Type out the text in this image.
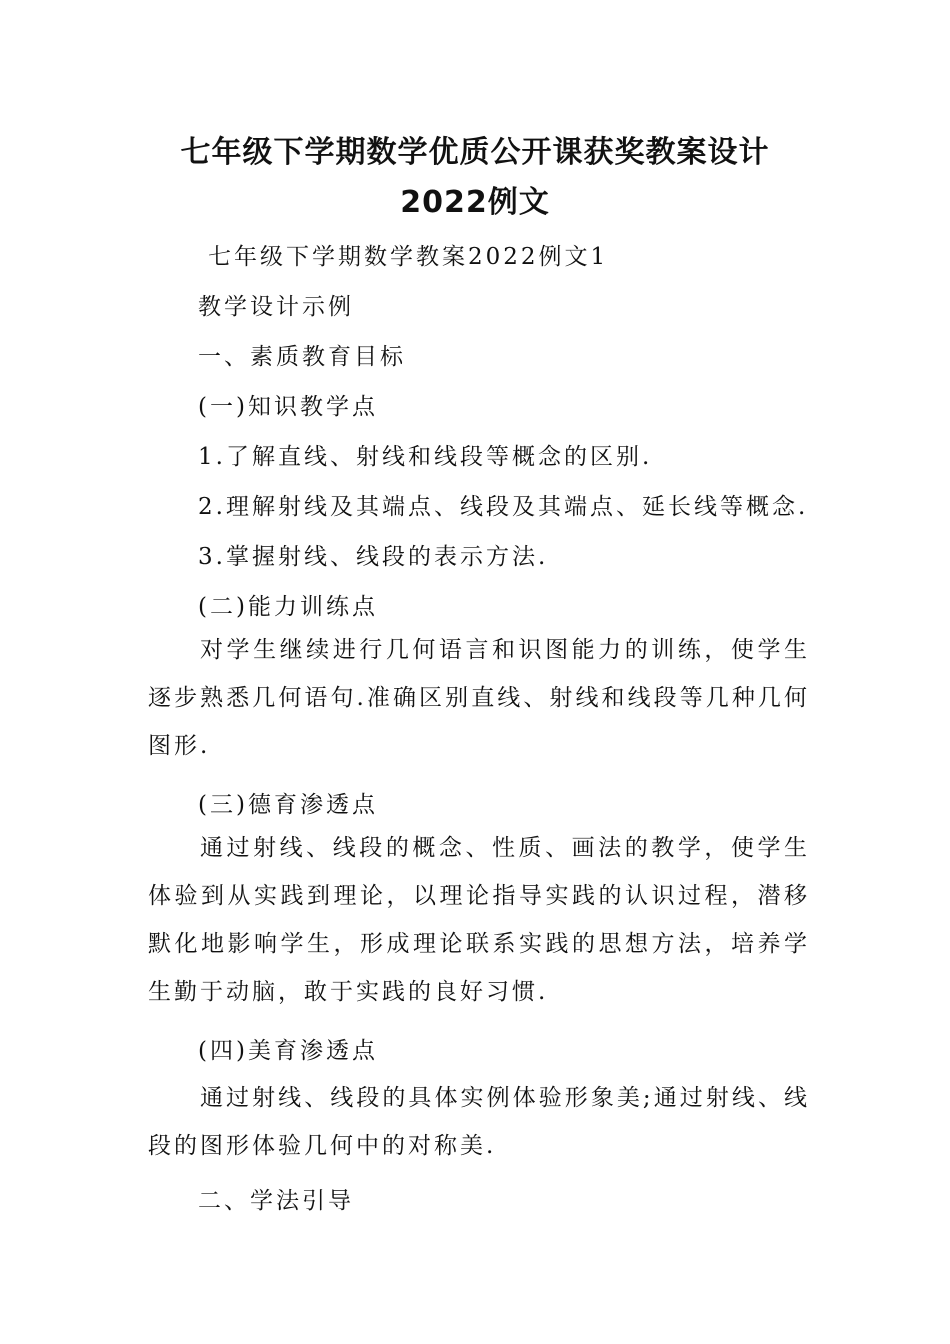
七年级下学期数学优质公开课获奖教案设计2022例文
七年级下学期数学教案2022例文1
教学设计示例
一、素质教育目标
(一)知识教学点
1.了解直线、射线和线段等概念的区别.
2.理解射线及其端点、线段及其端点、延长线等概念.
3.掌握射线、线段的表示方法.
(二)能力训练点
对学生继续进行几何语言和识图能力的训练，使学生逐步熟悉几何语句.准确区别直线、射线和线段等几种几何图形.
(三)德育渗透点
通过射线、线段的概念、性质、画法的教学，使学生体验到从实践到理论，以理论指导实践的认识过程，潜移默化地影响学生，形成理论联系实践的思想方法，培养学生勤于动脑，敢于实践的良好习惯.
(四)美育渗透点
通过射线、线段的具体实例体验形象美;通过射线、线段的图形体验几何中的对称美.
二、学法引导
